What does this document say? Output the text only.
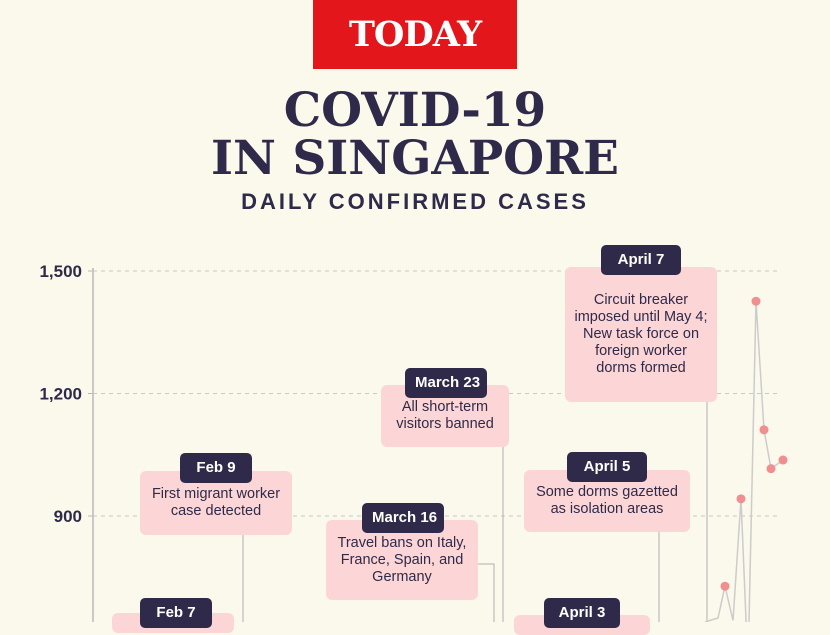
TODAY
COVID-19
IN SINGAPORE
DAILY CONFIRMED CASES
900
1,200
1,500
Feb 7
First migrant worker case detected
Feb 9
Travel bans on Italy, France, Spain, and Germany
March 16
All short-term visitors banned
March 23
April 3
Some dorms gazetted as isolation areas
April 5
Circuit breaker imposed until May 4; New task force on foreign worker dorms formed
April 7
